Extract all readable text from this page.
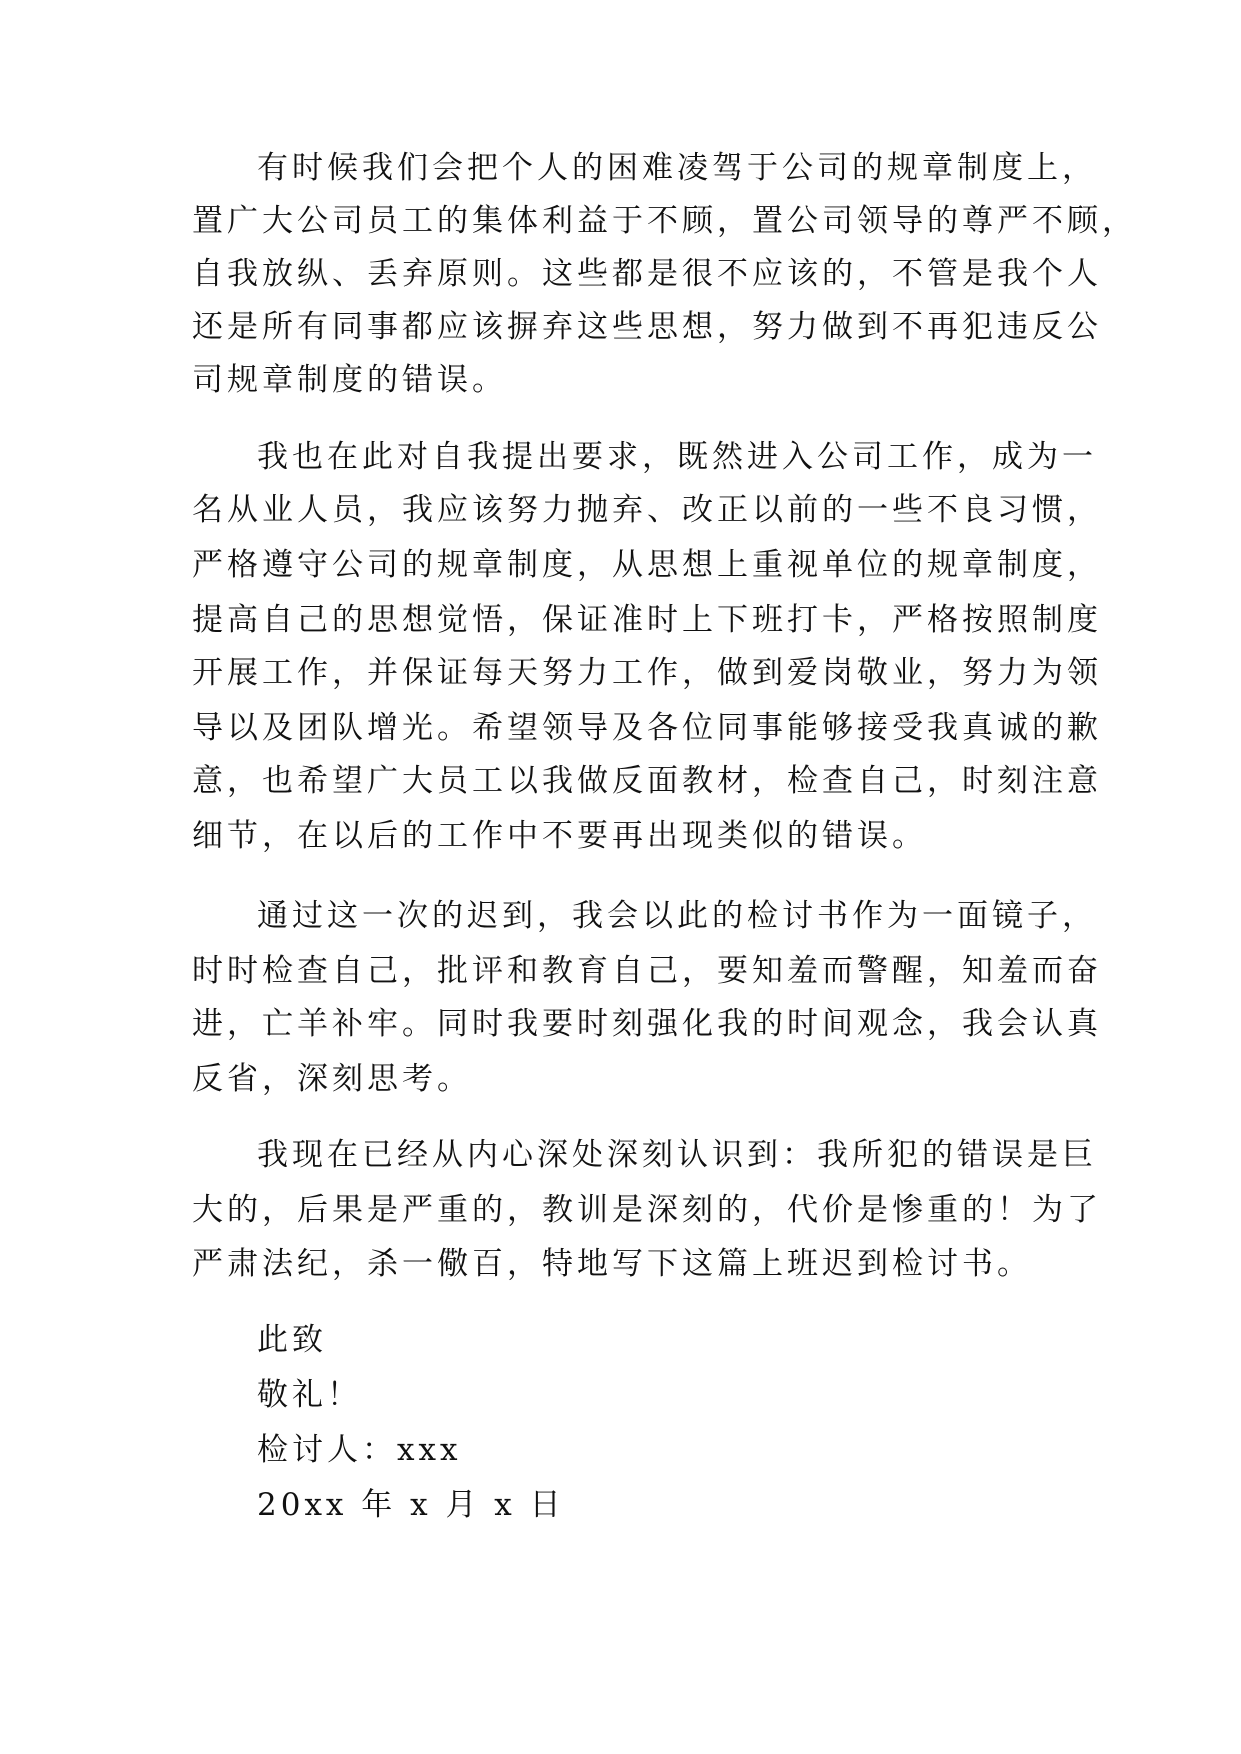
有时候我们会把个人的困难凌驾于公司的规章制度上，
置广大公司员工的集体利益于不顾，置公司领导的尊严不顾，
自我放纵、丢弃原则。这些都是很不应该的，不管是我个人
还是所有同事都应该摒弃这些思想，努力做到不再犯违反公
司规章制度的错误。
我也在此对自我提出要求，既然进入公司工作，成为一
名从业人员，我应该努力抛弃、改正以前的一些不良习惯，
严格遵守公司的规章制度，从思想上重视单位的规章制度，
提高自己的思想觉悟，保证准时上下班打卡，严格按照制度
开展工作，并保证每天努力工作，做到爱岗敬业，努力为领
导以及团队增光。希望领导及各位同事能够接受我真诚的歉
意，也希望广大员工以我做反面教材，检查自己，时刻注意
细节，在以后的工作中不要再出现类似的错误。
通过这一次的迟到，我会以此的检讨书作为一面镜子，
时时检查自己，批评和教育自己，要知羞而警醒，知羞而奋
进，亡羊补牢。同时我要时刻强化我的时间观念，我会认真
反省，深刻思考。
我现在已经从内心深处深刻认识到：我所犯的错误是巨
大的，后果是严重的，教训是深刻的，代价是惨重的！为了
严肃法纪，杀一儆百，特地写下这篇上班迟到检讨书。
此致
敬礼！
检讨人：xxx
20xx 年 x 月 x 日
